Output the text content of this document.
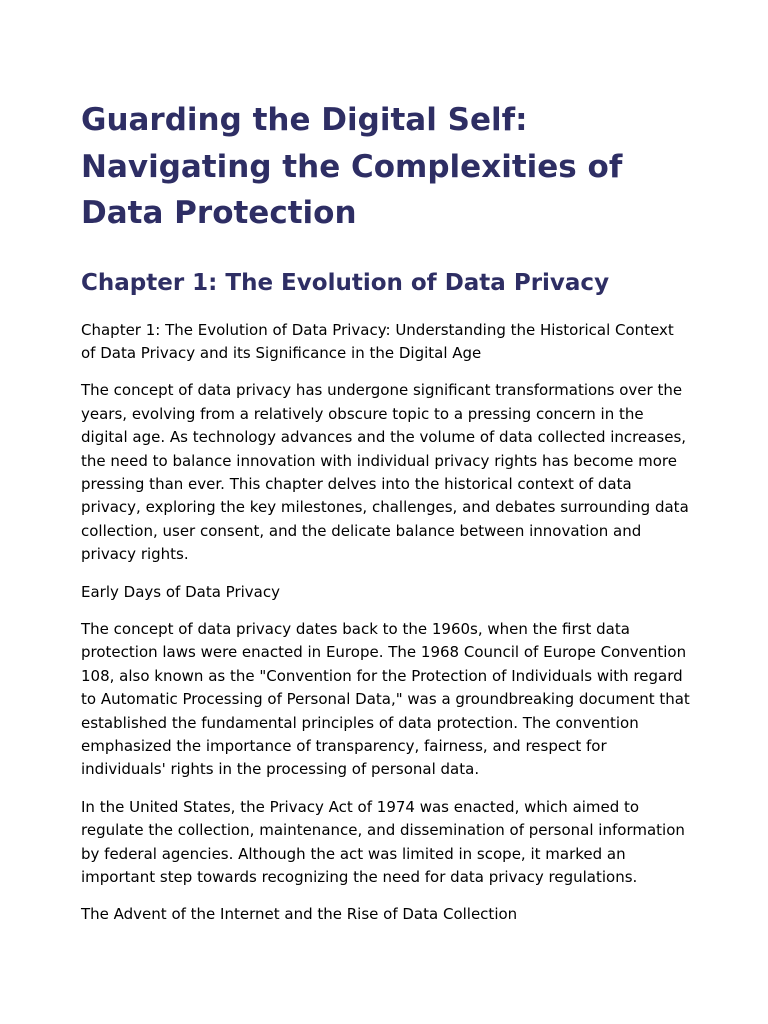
Guarding the Digital Self: Navigating the Complexities of Data Protection
Chapter 1: The Evolution of Data Privacy

Chapter 1: The Evolution of Data Privacy: Understanding the Historical Context of Data Privacy and its Significance in the Digital Age

The concept of data privacy has undergone significant transformations over the years, evolving from a relatively obscure topic to a pressing concern in the digital age. As technology advances and the volume of data collected increases, the need to balance innovation with individual privacy rights has become more pressing than ever. This chapter delves into the historical context of data privacy, exploring the key milestones, challenges, and debates surrounding data collection, user consent, and the delicate balance between innovation and privacy rights.

Early Days of Data Privacy

The concept of data privacy dates back to the 1960s, when the first data protection laws were enacted in Europe. The 1968 Council of Europe Convention 108, also known as the "Convention for the Protection of Individuals with regard to Automatic Processing of Personal Data," was a groundbreaking document that established the fundamental principles of data protection. The convention emphasized the importance of transparency, fairness, and respect for individuals' rights in the processing of personal data.

In the United States, the Privacy Act of 1974 was enacted, which aimed to regulate the collection, maintenance, and dissemination of personal information by federal agencies. Although the act was limited in scope, it marked an important step towards recognizing the need for data privacy regulations.

The Advent of the Internet and the Rise of Data Collection
